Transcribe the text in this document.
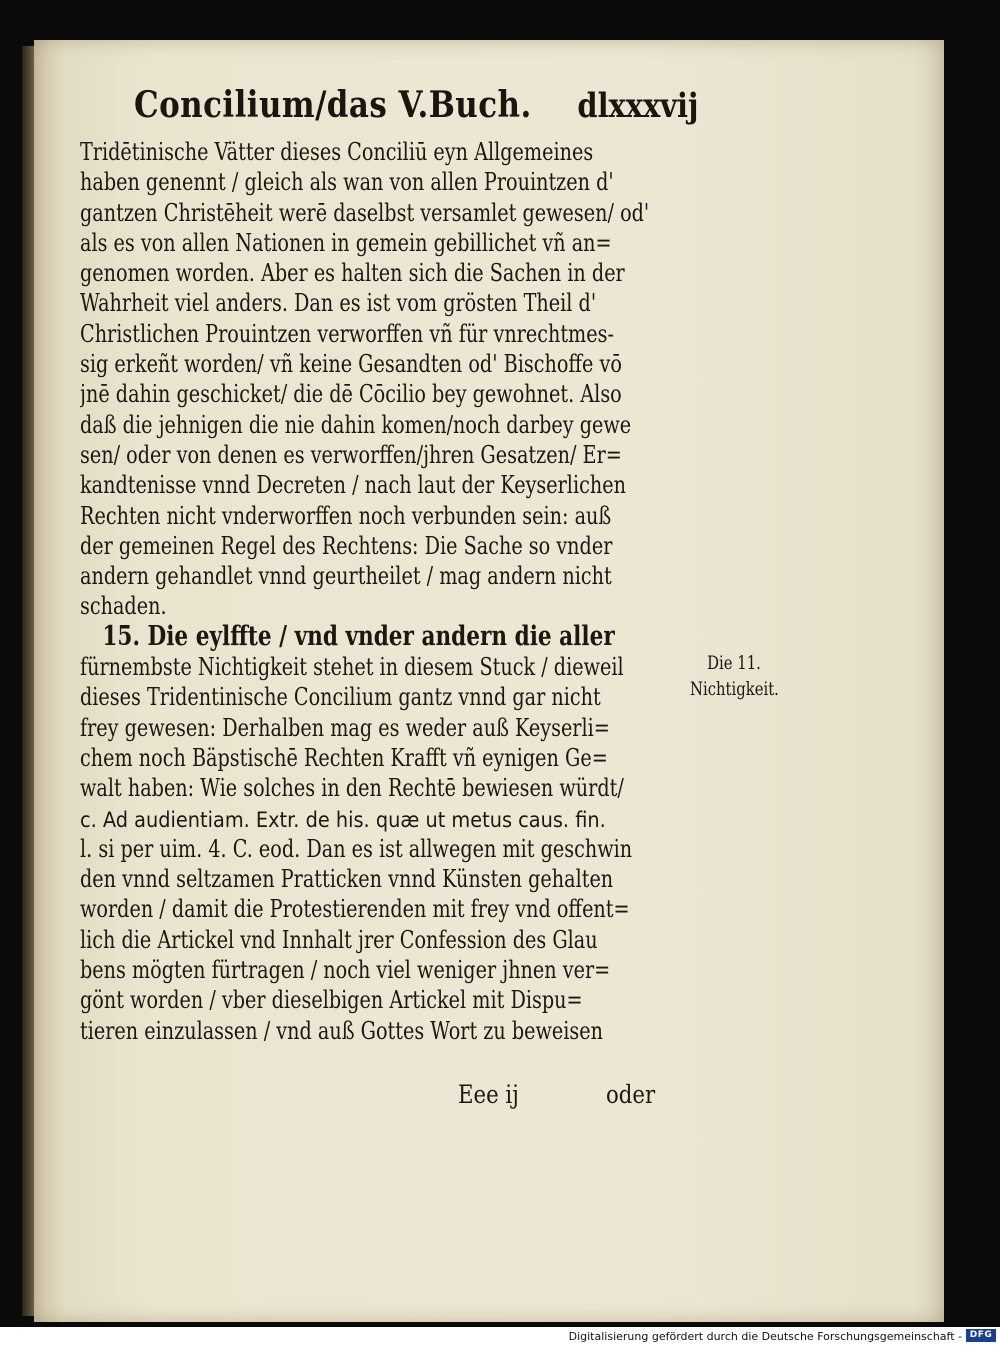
Concilium/das V.Buch. dlxxxvij
Tridētinische Vätter dieses Conciliū eyn Allgemeines
haben genennt / gleich als wan von allen Prouintzen d'
gantzen Christēheit werē daselbst versamlet gewesen/ od'
als es von allen Nationen in gemein gebillichet vñ an=
genomen worden. Aber es halten sich die Sachen in der
Wahrheit viel anders. Dan es ist vom grösten Theil d'
Christlichen Prouintzen verworffen vñ für vnrechtmes-
sig erkeñt worden/ vñ keine Gesandten od' Bischoffe vō
jnē dahin geschicket/ die dē Cōcilio bey gewohnet. Also
daß die jehnigen die nie dahin komen/noch darbey gewe
sen/ oder von denen es verworffen/jhren Gesatzen/ Er=
kandtenisse vnnd Decreten / nach laut der Keyserlichen
Rechten nicht vnderworffen noch verbunden sein: auß
der gemeinen Regel des Rechtens: Die Sache so vnder
andern gehandlet vnnd geurtheilet / mag andern nicht
schaden.
15. Die eylffte / vnd vnder andern die aller
fürnembste Nichtigkeit stehet in diesem Stuck / dieweil
dieses Tridentinische Concilium gantz vnnd gar nicht
frey gewesen: Derhalben mag es weder auß Keyserli=
chem noch Bäpstischē Rechten Krafft vñ eynigen Ge=
walt haben: Wie solches in den Rechtē bewiesen würdt/
c. Ad audientiam. Extr. de his. quæ ut metus caus. fin.
l. si per uim. 4. C. eod. Dan es ist allwegen mit geschwin
den vnnd seltzamen Pratticken vnnd Künsten gehalten
worden / damit die Protestierenden mit frey vnd offent=
lich die Artickel vnd Innhalt jrer Confession des Glau
bens mögten fürtragen / noch viel weniger jhnen ver=
gönt worden / vber dieselbigen Artickel mit Dispu=
tieren einzulassen / vnd auß Gottes Wort zu beweisen
Die 11.
Nichtigkeit.
Eee ij	oder
Digitalisierung gefördert durch die Deutsche Forschungsgemeinschaft - DFG
